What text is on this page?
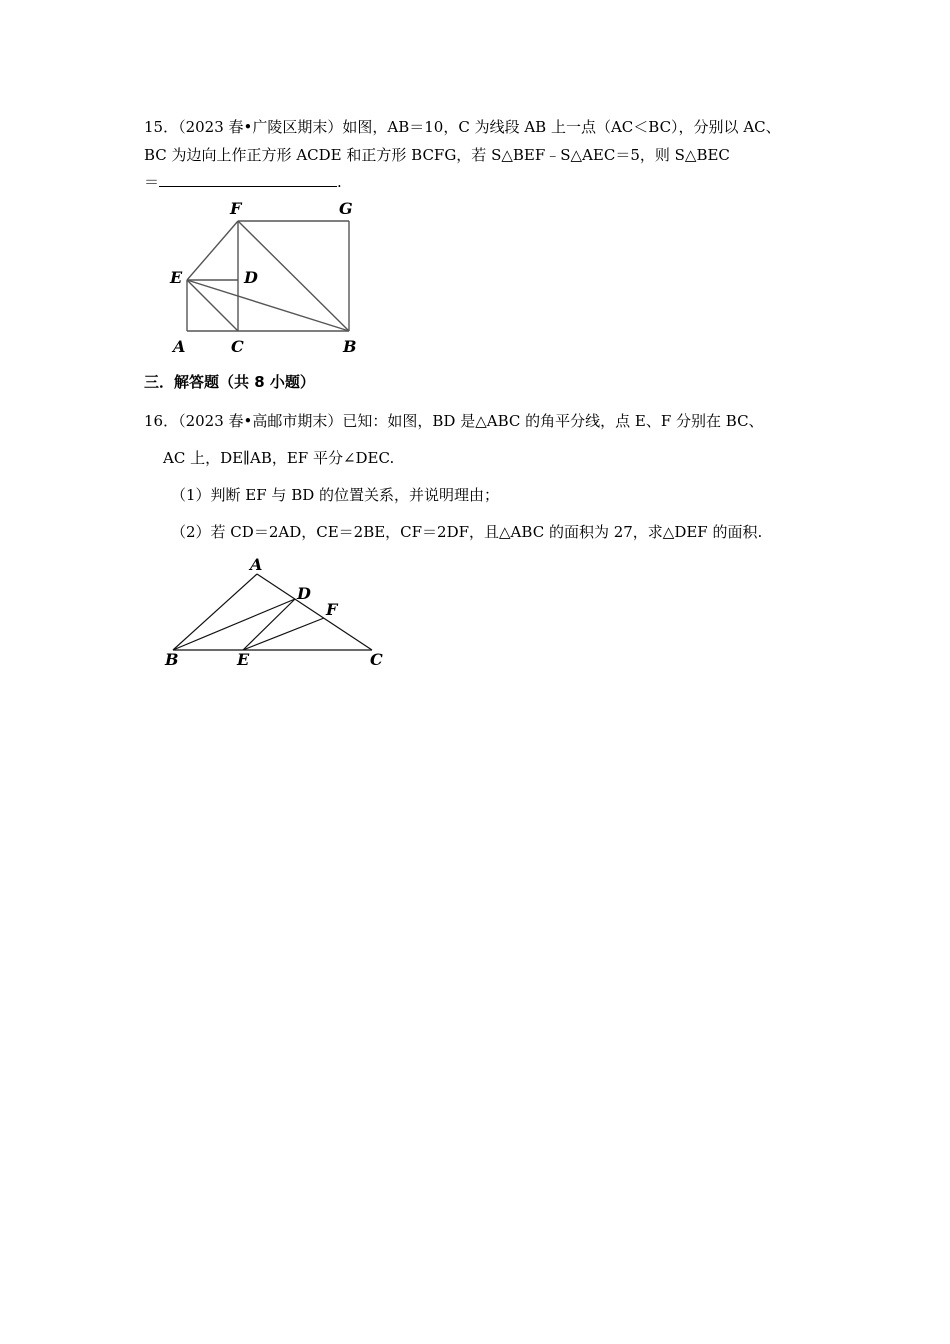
15．（2023 春•广陵区期末）如图，AB＝10，C 为线段 AB 上一点（AC＜BC），分别以 AC、
BC 为边向上作正方形 ACDE 和正方形 BCFG，若 S△BEF﹣S△AEC＝5，则 S△BEC
＝	.
F	G
E	D
A	C	B
三．解答题（共 8 小题）
16．（2023 春•高邮市期末）已知：如图，BD 是△ABC 的角平分线，点 E、F 分别在 BC、
AC 上，DE∥AB，EF 平分∠DEC.
（1）判断 EF 与 BD 的位置关系，并说明理由；
（2）若 CD＝2AD，CE＝2BE，CF＝2DF，且△ABC 的面积为 27，求△DEF 的面积.
A
D
F
B	E	C
